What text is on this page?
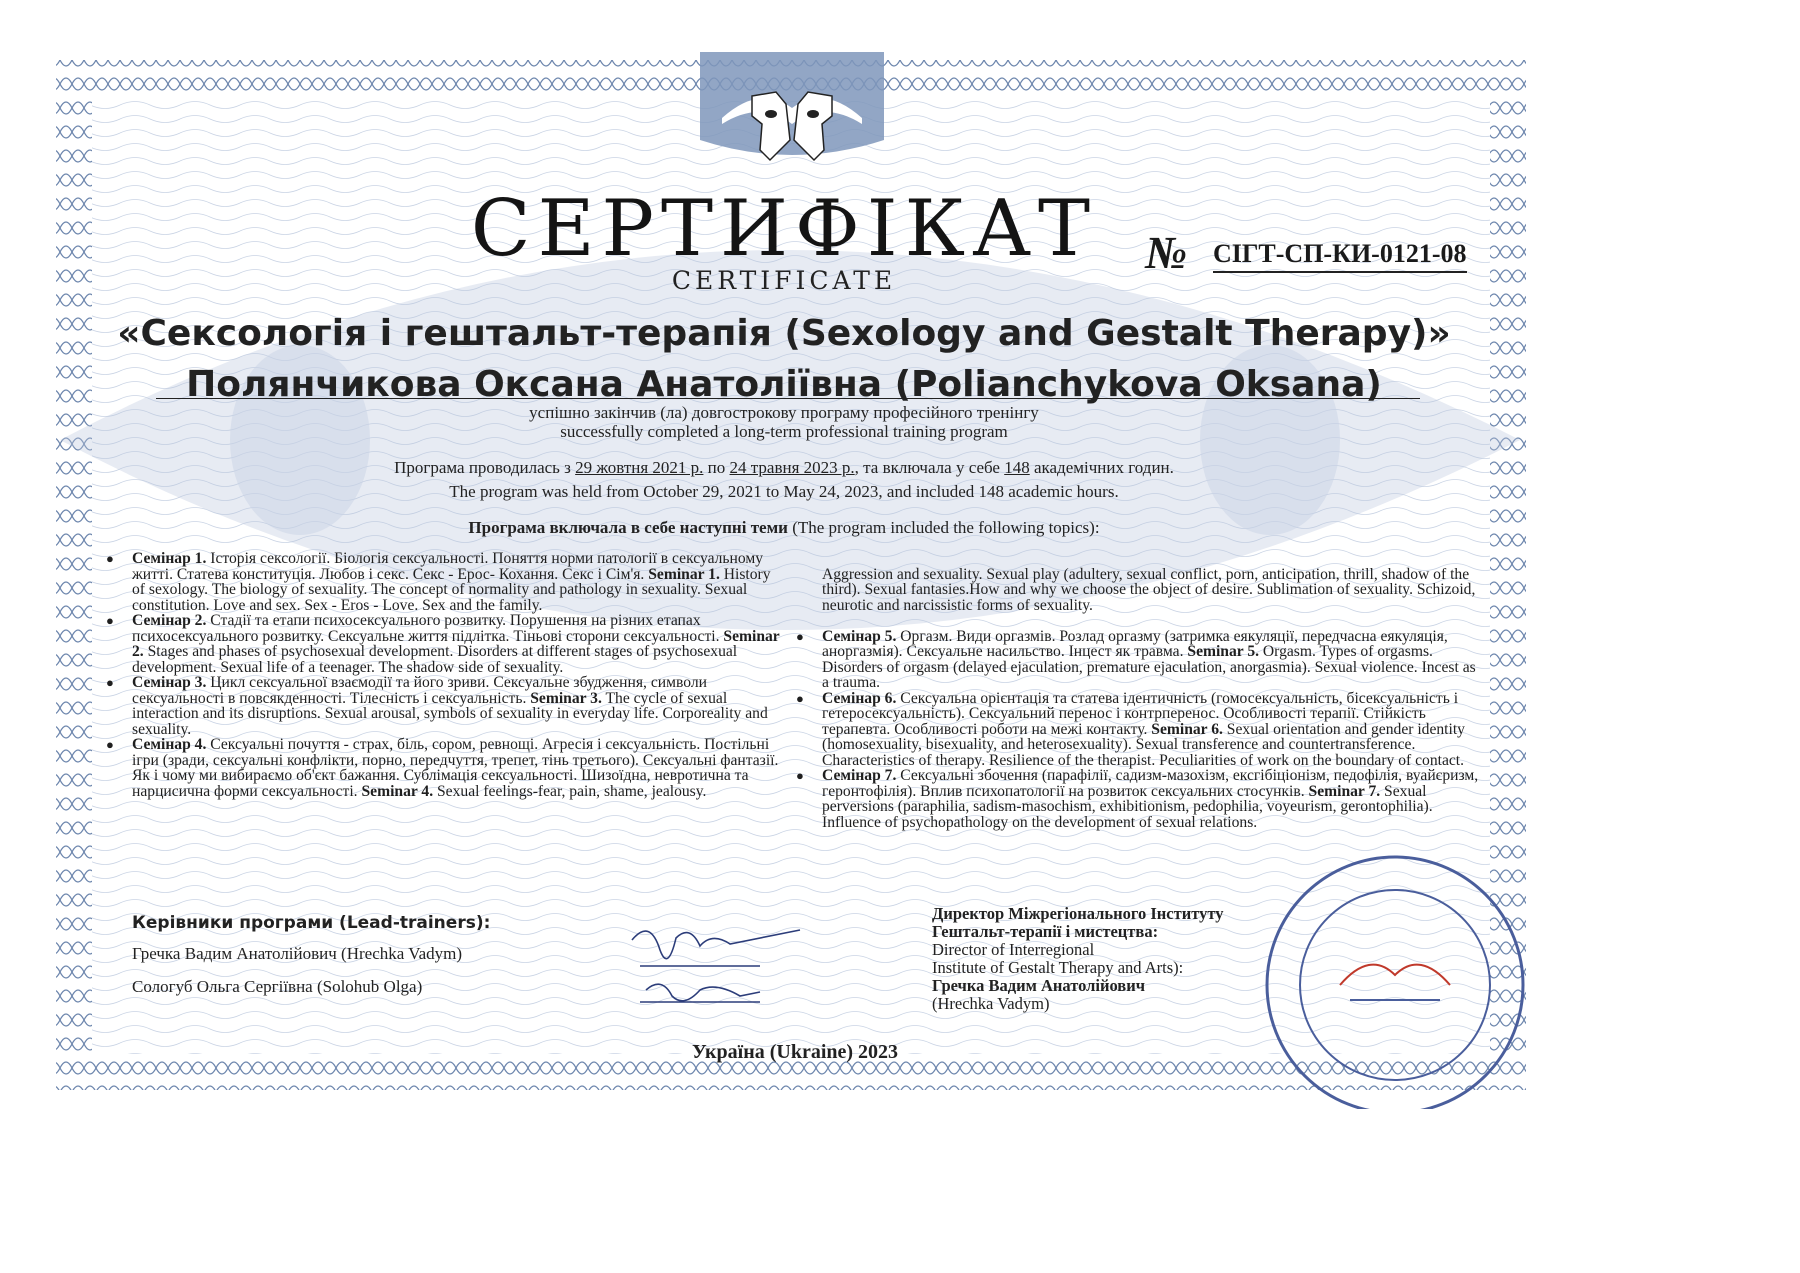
СЕРТИФІКАТ
CERTIFICATE
№ СІГТ-СП-КИ-0121-08
«Сексологія і гештальт-терапія (Sexology and Gestalt Therapy)»
Полянчикова Оксана Анатоліївна (Polianchykova Oksana)
успішно закінчив (ла) довгострокову програму професійного тренінгу
successfully completed a long-term professional training program
Програма проводилась з 29 жовтня 2021 р. по 24 травня 2023 р., та включала у себе 148 академічних годин.
The program was held from October 29, 2021 to May 24, 2023, and included 148 academic hours.
Програма включала в себе наступні теми (The program included the following topics):

● Семінар 1. Історія сексології. Біологія сексуальності. Поняття норми патології в сексуальному житті. Статева конституція. Любов і секс. Секс - Ерос- Кохання. Секс і Сім'я. Seminar 1. History of sexology. The biology of sexuality. The concept of normality and pathology in sexuality. Sexual constitution. Love and sex. Sex - Eros - Love. Sex and the family.

● Семінар 2. Стадії та етапи психосексуального розвитку. Порушення на різних етапах психосексуального розвитку. Сексуальне життя підлітка. Тіньові сторони сексуальності. Seminar 2. Stages and phases of psychosexual development. Disorders at different stages of psychosexual development. Sexual life of a teenager. The shadow side of sexuality.

● Семінар 3. Цикл сексуальної взаємодії та його зриви. Сексуальне збудження, символи сексуальності в повсякденності. Тілесність і сексуальність. Seminar 3. The cycle of sexual interaction and its disruptions. Sexual arousal, symbols of sexuality in everyday life. Corporeality and sexuality.

● Семінар 4. Сексуальні почуття - страх, біль, сором, ревнощі. Агресія і сексуальність. Постільні ігри (зради, сексуальні конфлікти, порно, передчуття, трепет, тінь третього). Сексуальні фантазії. Як і чому ми вибираємо об'єкт бажання. Сублімація сексуальності. Шизоїдна, невротична та нарцисична форми сексуальності. Seminar 4. Sexual feelings-fear, pain, shame, jealousy.

Aggression and sexuality. Sexual play (adultery, sexual conflict, porn, anticipation, thrill, shadow of the third). Sexual fantasies.How and why we choose the object of desire. Sublimation of sexuality. Schizoid, neurotic and narcissistic forms of sexuality.

● Семінар 5. Оргазм. Види оргазмів. Розлад оргазму (затримка еякуляції, передчасна еякуляція, аноргазмія). Сексуальне насильство. Інцест як травма. Seminar 5. Orgasm. Types of orgasms. Disorders of orgasm (delayed ejaculation, premature ejaculation, anorgasmia). Sexual violence. Incest as a trauma.

● Семінар 6. Сексуальна орієнтація та статева ідентичність (гомосексуальність, бісексуальність і гетеросексуальність). Сексуальний перенос і контрперенос. Особливості терапії. Стійкість терапевта. Особливості роботи на межі контакту. Seminar 6. Sexual orientation and gender identity (homosexuality, bisexuality, and heterosexuality). Sexual transference and countertransference. Characteristics of therapy. Resilience of the therapist. Peculiarities of work on the boundary of contact.

● Семінар 7. Сексуальні збочення (парафілії, садизм-мазохізм, ексгібіціонізм, педофілія, вуайєризм, геронтофілія). Вплив психопатології на розвиток сексуальних стосунків. Seminar 7. Sexual perversions (paraphilia, sadism-masochism, exhibitionism, pedophilia, voyeurism, gerontophilia). Influence of psychopathology on the development of sexual relations.

Керівники програми (Lead-trainers):
Гречка Вадим Анатолійович (Hrechka Vadym)
Сологуб Ольга Сергіївна (Solohub Olga)
Директор Міжрегіонального Інституту
Гештальт-терапії і мистецтва:
Director of Interregional
Institute of Gestalt Therapy and Arts):
Гречка Вадим Анатолійович
(Hrechka Vadym)
Україна (Ukraine) 2023
